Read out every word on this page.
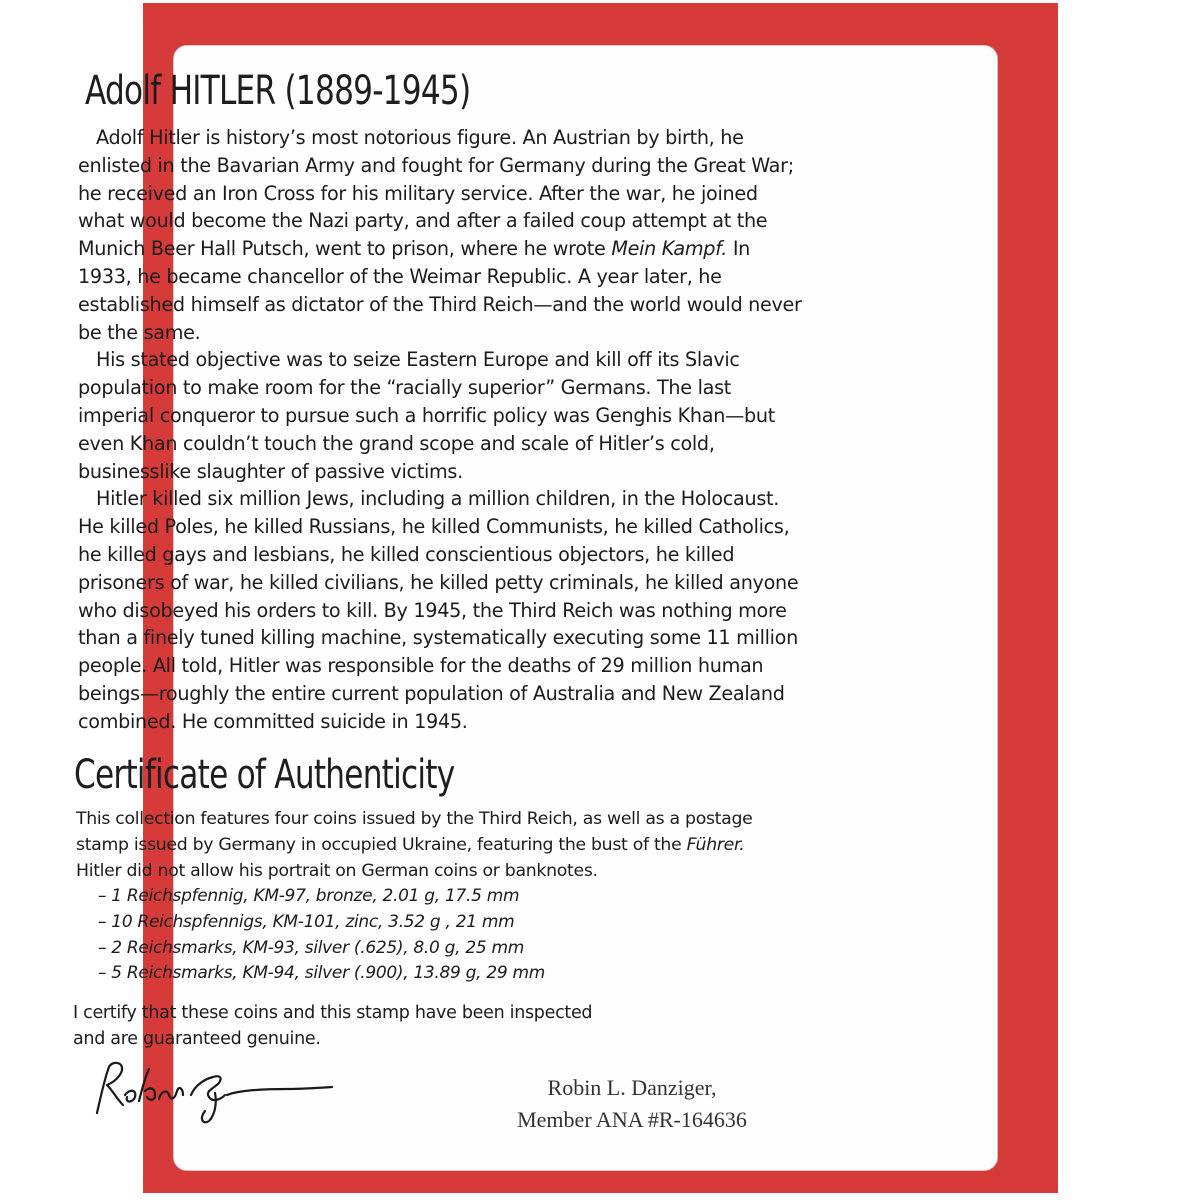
Adolf HITLER (1889-1945)

Adolf Hitler is history’s most notorious figure. An Austrian by birth, he enlisted in the Bavarian Army and fought for Germany during the Great War; he received an Iron Cross for his military service. After the war, he joined what would become the Nazi party, and after a failed coup attempt at the Munich Beer Hall Putsch, went to prison, where he wrote Mein Kampf. In 1933, he became chancellor of the Weimar Republic. A year later, he established himself as dictator of the Third Reich—and the world would never be the same.

His stated objective was to seize Eastern Europe and kill off its Slavic population to make room for the “racially superior” Germans. The last imperial conqueror to pursue such a horrific policy was Genghis Khan—but even Khan couldn’t touch the grand scope and scale of Hitler’s cold, businesslike slaughter of passive victims.

Hitler killed six million Jews, including a million children, in the Holocaust. He killed Poles, he killed Russians, he killed Communists, he killed Catholics, he killed gays and lesbians, he killed conscientious objectors, he killed prisoners of war, he killed civilians, he killed petty criminals, he killed anyone who disobeyed his orders to kill. By 1945, the Third Reich was nothing more than a finely tuned killing machine, systematically executing some 11 million people. All told, Hitler was responsible for the deaths of 29 million human beings—roughly the entire current population of Australia and New Zealand combined. He committed suicide in 1945.

Certificate of Authenticity

This collection features four coins issued by the Third Reich, as well as a postage stamp issued by Germany in occupied Ukraine, featuring the bust of the Führer. Hitler did not allow his portrait on German coins or banknotes.

– 1 Reichspfennig, KM-97, bronze, 2.01 g, 17.5 mm
– 10 Reichspfennigs, KM-101, zinc, 3.52 g , 21 mm
– 2 Reichsmarks, KM-93, silver (.625), 8.0 g, 25 mm
– 5 Reichsmarks, KM-94, silver (.900), 13.89 g, 29 mm

I certify that these coins and this stamp have been inspected and are guaranteed genuine.

Robin L. Danziger,
Member ANA #R-164636
